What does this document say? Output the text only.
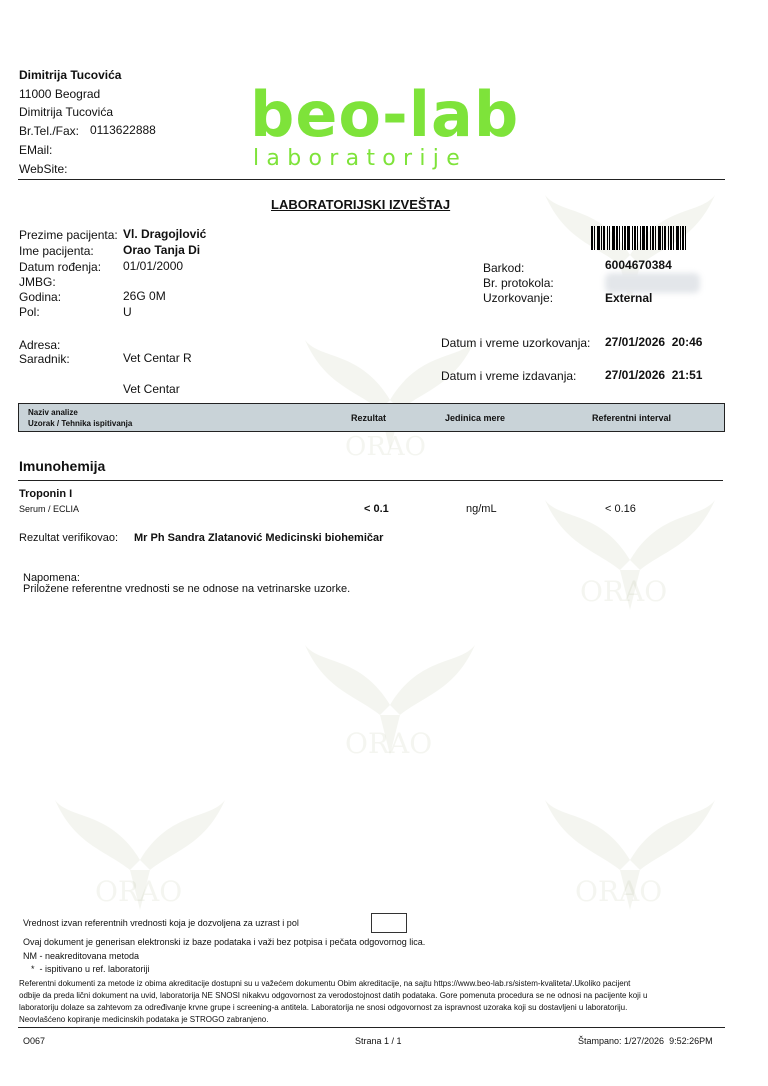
ORAO
ORAO
ORAO
ORAO	ORAO
Dimitrija Tucovića
11000 Beograd
Dimitrija Tucovića
Br.Tel./Fax: 0113622888
EMail:
WebSite:
beo-lab
laboratorije
LABORATORIJSKI IZVEŠTAJ
Prezime pacijenta: Vl. Dragojlović
Ime pacijenta: Orao Tanja Di
Datum rođenja: 01/01/2000
JMBG:
Godina:	26G 0M
Pol:	U
Adresa:
Saradnik:	Vet Centar R
Vet Centar
Barkod:	6004670384
Br. protokola:
Uzorkovanje:	External
Datum i vreme uzorkovanja: 27/01/2026  20:46
Datum i vreme izdavanja: 27/01/2026  21:51
Naziv analize
Uzorak / Tehnika ispitivanja
Rezultat	Jedinica mere	Referentni interval
Imunohemija
Troponin I
Serum / ECLIA	< 0.1	ng/mL	< 0.16
Rezultat verifikovao: Mr Ph Sandra Zlatanović Medicinski biohemičar
Napomena:
Priložene referentne vrednosti se ne odnose na vetrinarske uzorke.
Vrednost izvan referentnih vrednosti koja je dozvoljena za uzrast i pol
Ovaj dokument je generisan elektronski iz baze podataka i važi bez potpisa i pečata odgovornog lica.
NM - neakreditovana metoda
*  - ispitivano u ref. laboratoriji
Referentni dokumenti za metode iz obima akreditacije dostupni su u važećem dokumentu Obim akreditacije, na sajtu https://www.beo-lab.rs/sistem-kvaliteta/.Ukoliko pacijent
odbije da preda lični dokument na uvid, laboratorija NE SNOSI nikakvu odgovornost za verodostojnost datih podataka. Gore pomenuta procedura se ne odnosi na pacijente koji u
laboratoriju dolaze sa zahtevom za određivanje krvne grupe i screening-a antitela. Laboratorija ne snosi odgovornost za ispravnost uzoraka koji su dostavljeni u laboratoriju.
Neovlašćeno kopiranje medicinskih podataka je STROGO zabranjeno.
O067	Strana 1 / 1	Štampano: 1/27/2026  9:52:26PM
